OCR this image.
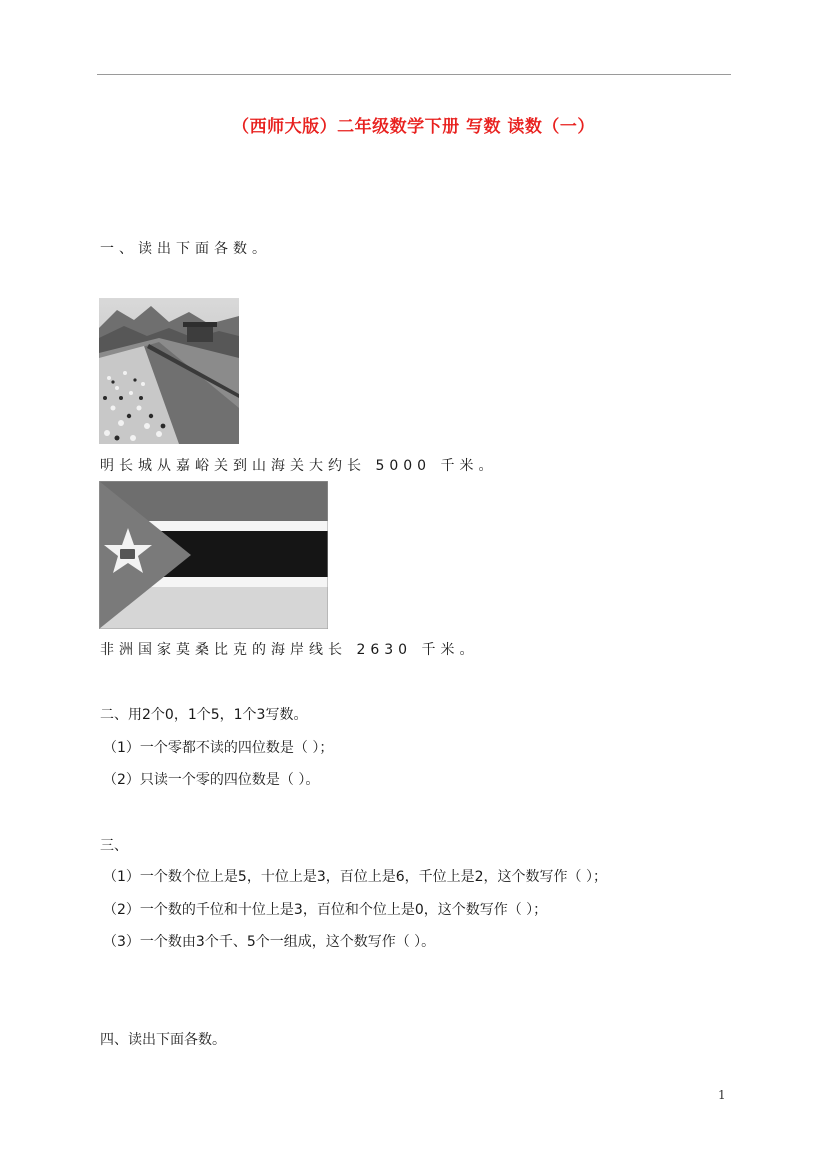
（西师大版）二年级数学下册 写数 读数（一）
一、读出下面各数。
明长城从嘉峪关到山海关大约长 5000 千米。
非洲国家莫桑比克的海岸线长 2630 千米。
二、用2个0，1个5，1个3写数。
（1）一个零都不读的四位数是（ ）；
（2）只读一个零的四位数是（ ）。
三、
（1）一个数个位上是5，十位上是3，百位上是6，千位上是2，这个数写作（ ）；
（2）一个数的千位和十位上是3，百位和个位上是0，这个数写作（ ）；
（3）一个数由3个千、5个一组成，这个数写作（ ）。
四、读出下面各数。
1
